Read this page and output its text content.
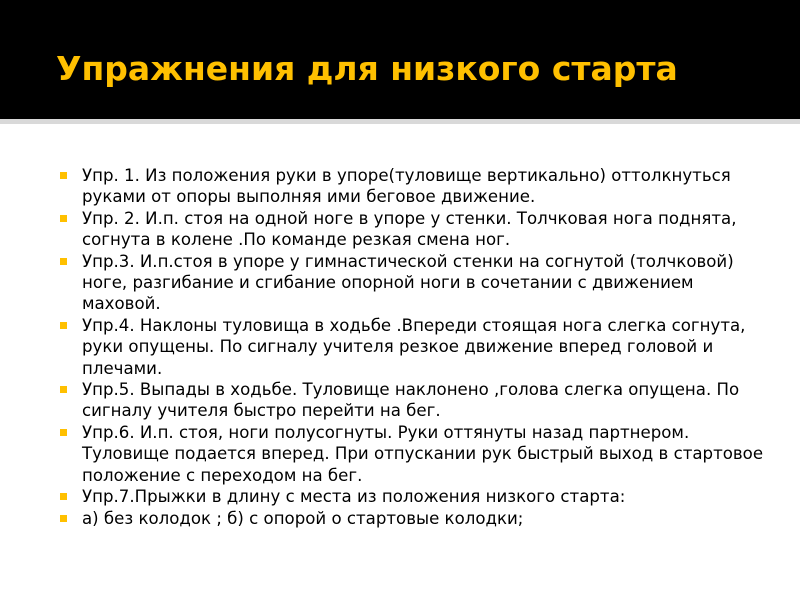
Упражнения для низкого старта
Упр. 1. Из положения руки в упоре(туловище вертикально) оттолкнуться руками от опоры выполняя ими беговое движение.
Упр. 2. И.п. стоя на одной ноге в упоре у стенки. Толчковая нога поднята, согнута в колене .По команде резкая смена ног.
Упр.3. И.п.стоя в упоре у гимнастической стенки на согнутой (толчковой) ноге, разгибание и сгибание опорной ноги в сочетании с движением маховой.
Упр.4. Наклоны туловища в ходьбе .Впереди стоящая нога слегка согнута, руки опущены. По сигналу учителя резкое движение вперед головой и плечами.
Упр.5. Выпады в ходьбе. Туловище наклонено ,голова слегка опущена. По сигналу учителя быстро перейти на бег.
Упр.6. И.п. стоя, ноги полусогнуты. Руки оттянуты назад партнером. Туловище подается вперед. При отпускании рук быстрый выход в стартовое положение с переходом на бег.
Упр.7.Прыжки в длину с места из положения низкого старта:
а) без колодок ; б) с опорой о стартовые колодки;
